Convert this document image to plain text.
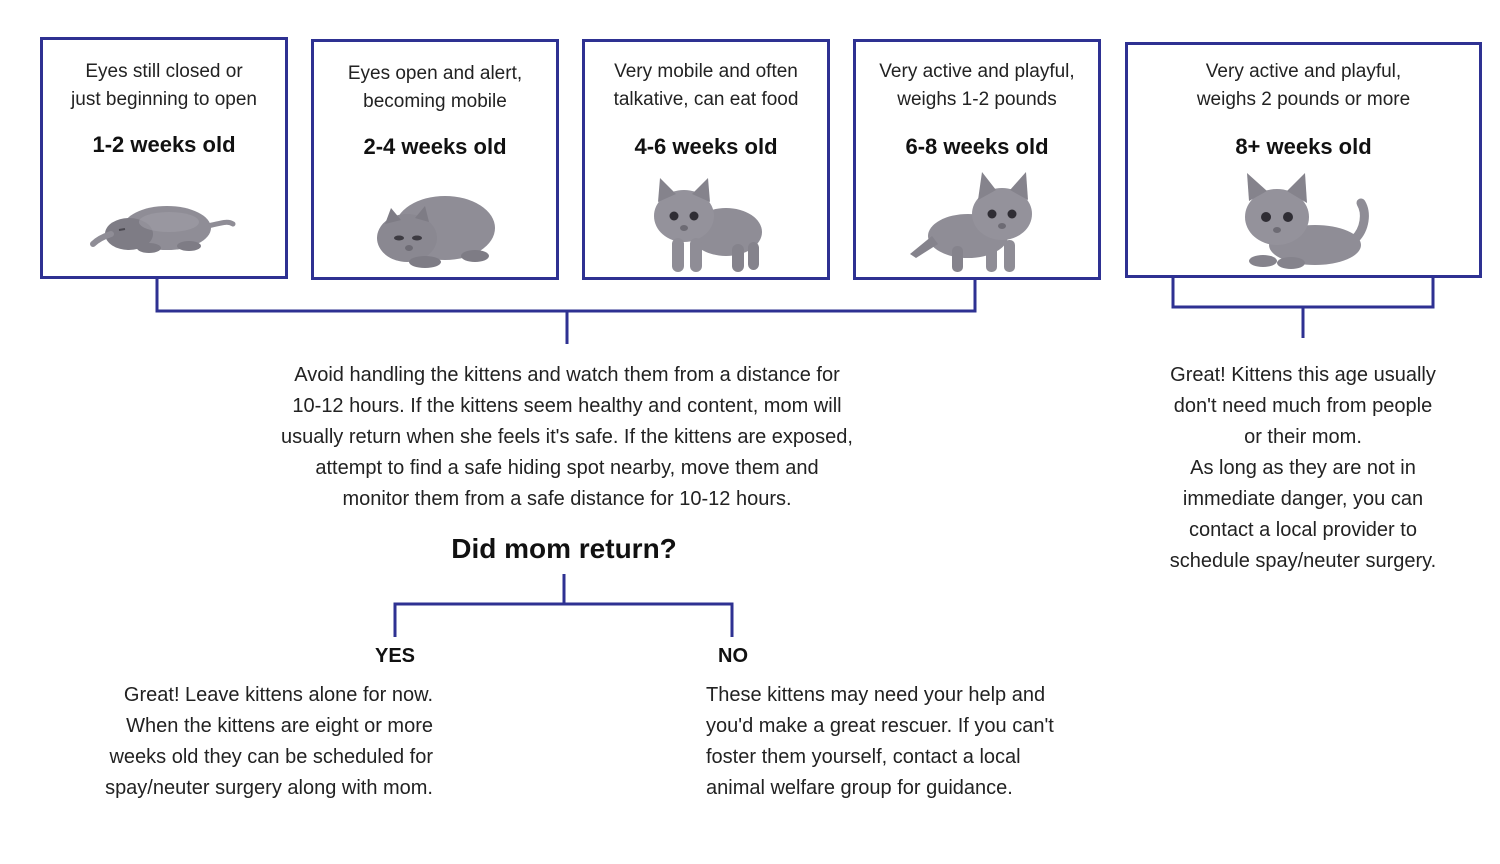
Eyes still closed or
just beginning to open
1-2 weeks old
Eyes open and alert,
becoming mobile
2-4 weeks old
Very mobile and often
talkative, can eat food
4-6 weeks old
Very active and playful,
weighs 1-2 pounds
6-8 weeks old
Very active and playful,
weighs 2 pounds or more
8+ weeks old
Avoid handling the kittens and watch them from a distance for
10-12 hours. If the kittens seem healthy and content, mom will
usually return when she feels it's safe. If the kittens are exposed,
attempt to find a safe hiding spot nearby, move them and
monitor them from a safe distance for 10-12 hours.
Did mom return?
YES	NO
Great! Leave kittens alone for now.
When the kittens are eight or more
weeks old they can be scheduled for
spay/neuter surgery along with mom.
These kittens may need your help and
you'd make a great rescuer. If you can't
foster them yourself, contact a local
animal welfare group for guidance.
Great! Kittens this age usually
don't need much from people
or their mom.
As long as they are not in
immediate danger, you can
contact a local provider to
schedule spay/neuter surgery.
